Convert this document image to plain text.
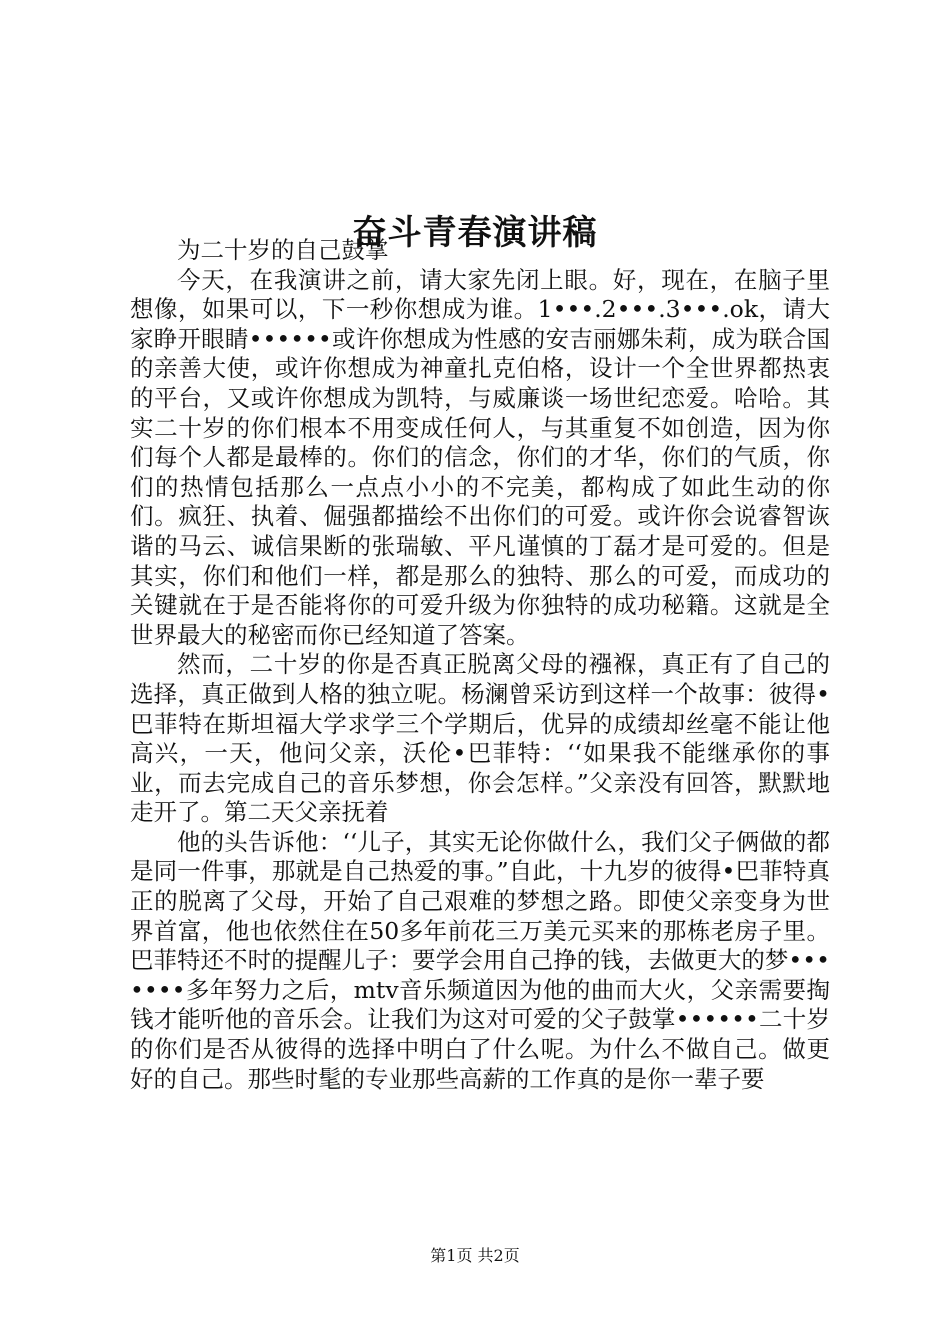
奋斗青春演讲稿

为二十岁的自己鼓掌

今天，在我演讲之前，请大家先闭上眼。好，现在，在脑子里想像，如果可以，下一秒你想成为谁。1•••.2•••.3•••.ok，请大家睁开眼睛••••••或许你想成为性感的安吉丽娜朱莉，成为联合国的亲善大使，或许你想成为神童扎克伯格，设计一个全世界都热衷的平台，又或许你想成为凯特，与威廉谈一场世纪恋爱。哈哈。其实二十岁的你们根本不用变成任何人，与其重复不如创造，因为你们每个人都是最棒的。你们的信念，你们的才华，你们的气质，你们的热情包括那么一点点小小的不完美，都构成了如此生动的你们。疯狂、执着、倔强都描绘不出你们的可爱。或许你会说睿智诙谐的马云、诚信果断的张瑞敏、平凡谨慎的丁磊才是可爱的。但是其实，你们和他们一样，都是那么的独特、那么的可爱，而成功的关键就在于是否能将你的可爱升级为你独特的成功秘籍。这就是全世界最大的秘密而你已经知道了答案。

然而，二十岁的你是否真正脱离父母的襁褓，真正有了自己的选择，真正做到人格的独立呢。杨澜曾采访到这样一个故事：彼得•巴菲特在斯坦福大学求学三个学期后，优异的成绩却丝毫不能让他高兴，一天，他问父亲，沃伦•巴菲特：‘‘如果我不能继承你的事业，而去完成自己的音乐梦想，你会怎样。”父亲没有回答，默默地走开了。第二天父亲抚着

他的头告诉他：‘‘儿子，其实无论你做什么，我们父子俩做的都是同一件事，那就是自己热爱的事。”自此，十九岁的彼得•巴菲特真正的脱离了父母，开始了自己艰难的梦想之路。即使父亲变身为世界首富，他也依然住在50多年前花三万美元买来的那栋老房子里。巴菲特还不时的提醒儿子：要学会用自己挣的钱，去做更大的梦•••••••多年努力之后，mtv音乐频道因为他的曲而大火，父亲需要掏钱才能听他的音乐会。让我们为这对可爱的父子鼓掌••••••二十岁的你们是否从彼得的选择中明白了什么呢。为什么不做自己。做更好的自己。那些时髦的专业那些高薪的工作真的是你一辈子要

第1页 共2页
